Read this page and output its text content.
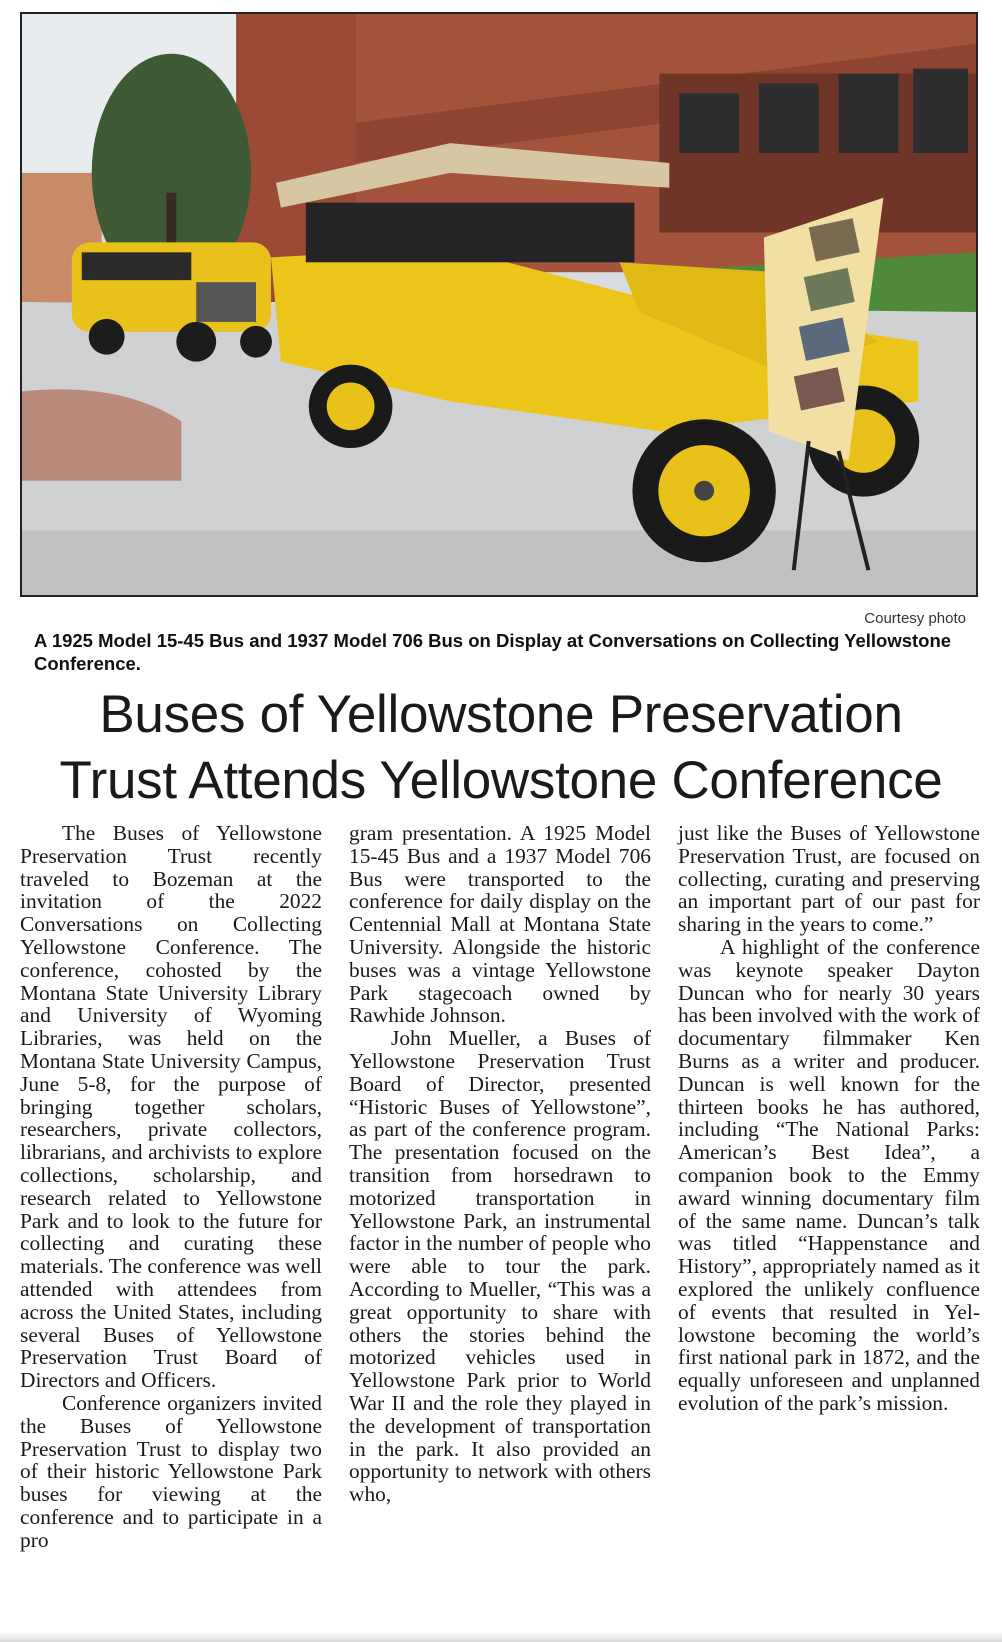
Courtesy photo
A 1925 Model 15-45 Bus and 1937 Model 706 Bus on Display at Conversations on Collecting Yellowstone Conference.
Buses of Yellowstone Preservation
Trust Attends Yellowstone Conference

The Buses of Yellowstone Preservation Trust recently traveled to Bozeman at the invitation of the 2022 Conversations on Collecting Yellowstone Conference. The conference, cohosted by the Montana State University Library and University of Wyoming Libraries, was held on the Montana State University Campus, June 5-8, for the purpose of bringing together scholars, researchers, private collectors, librarians, and archivists to explore collections, scholarship, and research related to Yellowstone Park and to look to the future for collecting and curating these materials. The conference was well attended with attendees from across the United States, including several Buses of Yellowstone Preservation Trust Board of Directors and Officers.

Conference organizers invited the Buses of Yellowstone Preservation Trust to display two of their historic Yellowstone Park buses for viewing at the conference and to participate in a pro

gram presentation. A 1925 Model 15-45 Bus and a 1937 Model 706 Bus were transported to the conference for daily display on the Centennial Mall at Montana State University. Alongside the historic buses was a vintage Yellowstone Park stagecoach owned by Rawhide Johnson.

John Mueller, a Buses of Yellowstone Preservation Trust Board of Director, presented “Historic Buses of Yellowstone”, as part of the conference program. The presentation focused on the transition from horsedrawn to motorized transportation in Yellowstone Park, an instrumental factor in the number of people who were able to tour the park. According to Mueller, “This was a great opportunity to share with others the stories behind the motorized vehicles used in Yellowstone Park prior to World War II and the role they played in the development of transportation in the park. It also provided an opportunity to network with others who,

just like the Buses of Yellowstone Preservation Trust, are focused on collecting, curating and preserving an important part of our past for sharing in the years to come.”

A highlight of the conference was keynote speaker Dayton Duncan who for nearly 30 years has been involved with the work of documentary filmmaker Ken Burns as a writer and producer. Duncan is well known for the thirteen books he has authored, including “The National Parks: American’s Best Idea”, a companion book to the Emmy award winning documentary film of the same name. Duncan’s talk was titled “Happenstance and History”, appropriately named as it explored the unlikely confluence of events that resulted in Yellowstone becoming the world’s first national park in 1872, and the equally unforeseen and unplanned evolution of the park’s mission.
